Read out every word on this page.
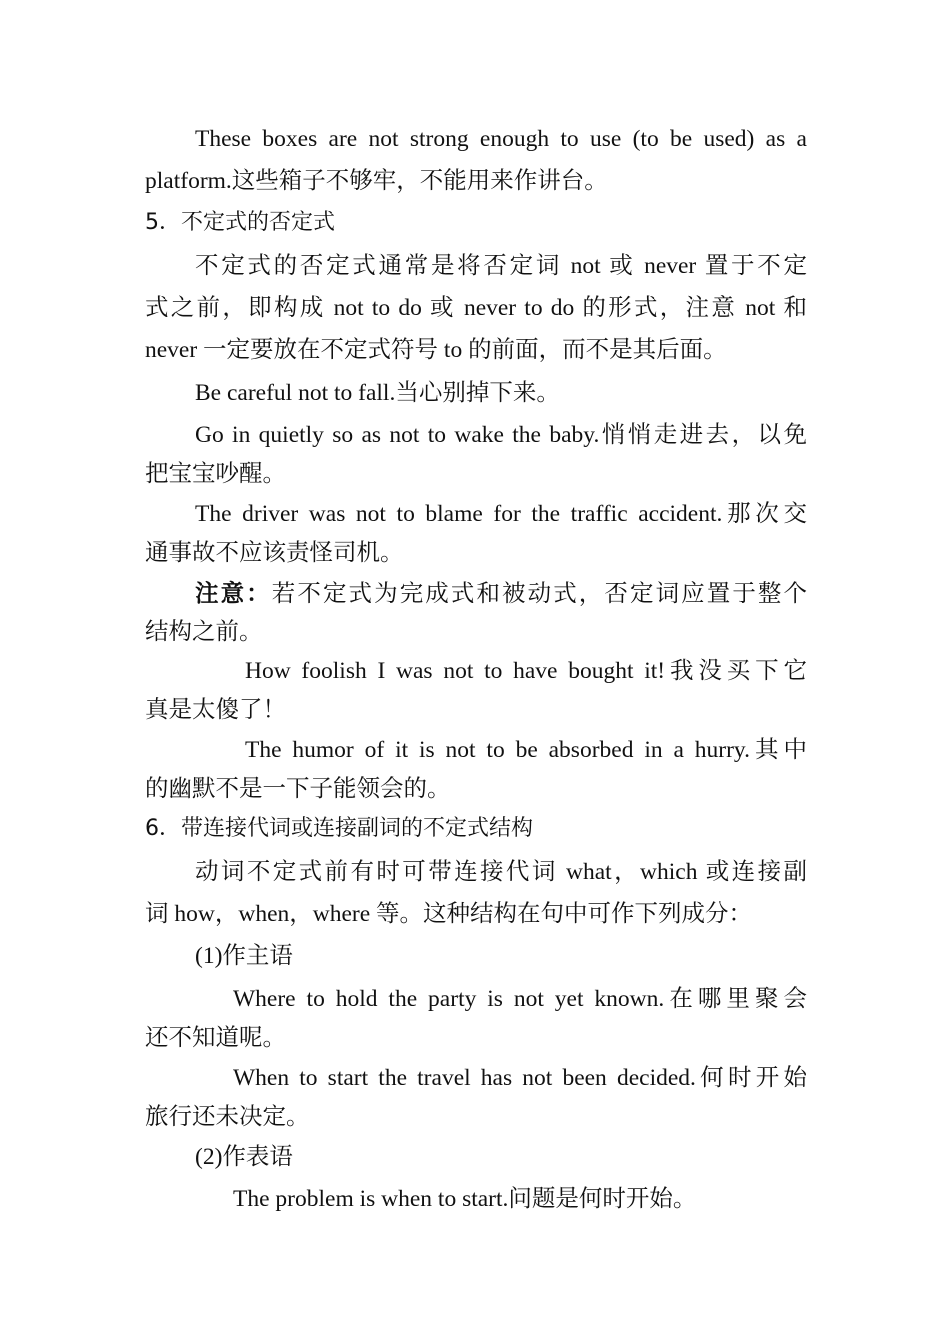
These boxes are not strong enough to use (to be used) as a
platform.这些箱子不够牢，不能用来作讲台。
5．不定式的否定式
不定式的否定式通常是将否定词 not 或 never 置于不定
式之前，即构成 not to do 或 never to do 的形式，注意 not 和
never 一定要放在不定式符号 to 的前面，而不是其后面。
Be careful not to fall.当心别掉下来。
Go in quietly so as not to wake the baby.悄悄走进去，以免
把宝宝吵醒。
The driver was not to blame for the traffic accident.那次交
通事故不应该责怪司机。
注意：若不定式为完成式和被动式，否定词应置于整个
结构之前。
How foolish I was not to have bought it!我没买下它
真是太傻了！
The humor of it is not to be absorbed in a hurry.其中
的幽默不是一下子能领会的。
6．带连接代词或连接副词的不定式结构
动词不定式前有时可带连接代词 what，which 或连接副
词 how，when，where 等。这种结构在句中可作下列成分：
(1)作主语
Where to hold the party is not yet known.在哪里聚会
还不知道呢。
When to start the travel has not been decided.何时开始
旅行还未决定。
(2)作表语
The problem is when to start.问题是何时开始。
